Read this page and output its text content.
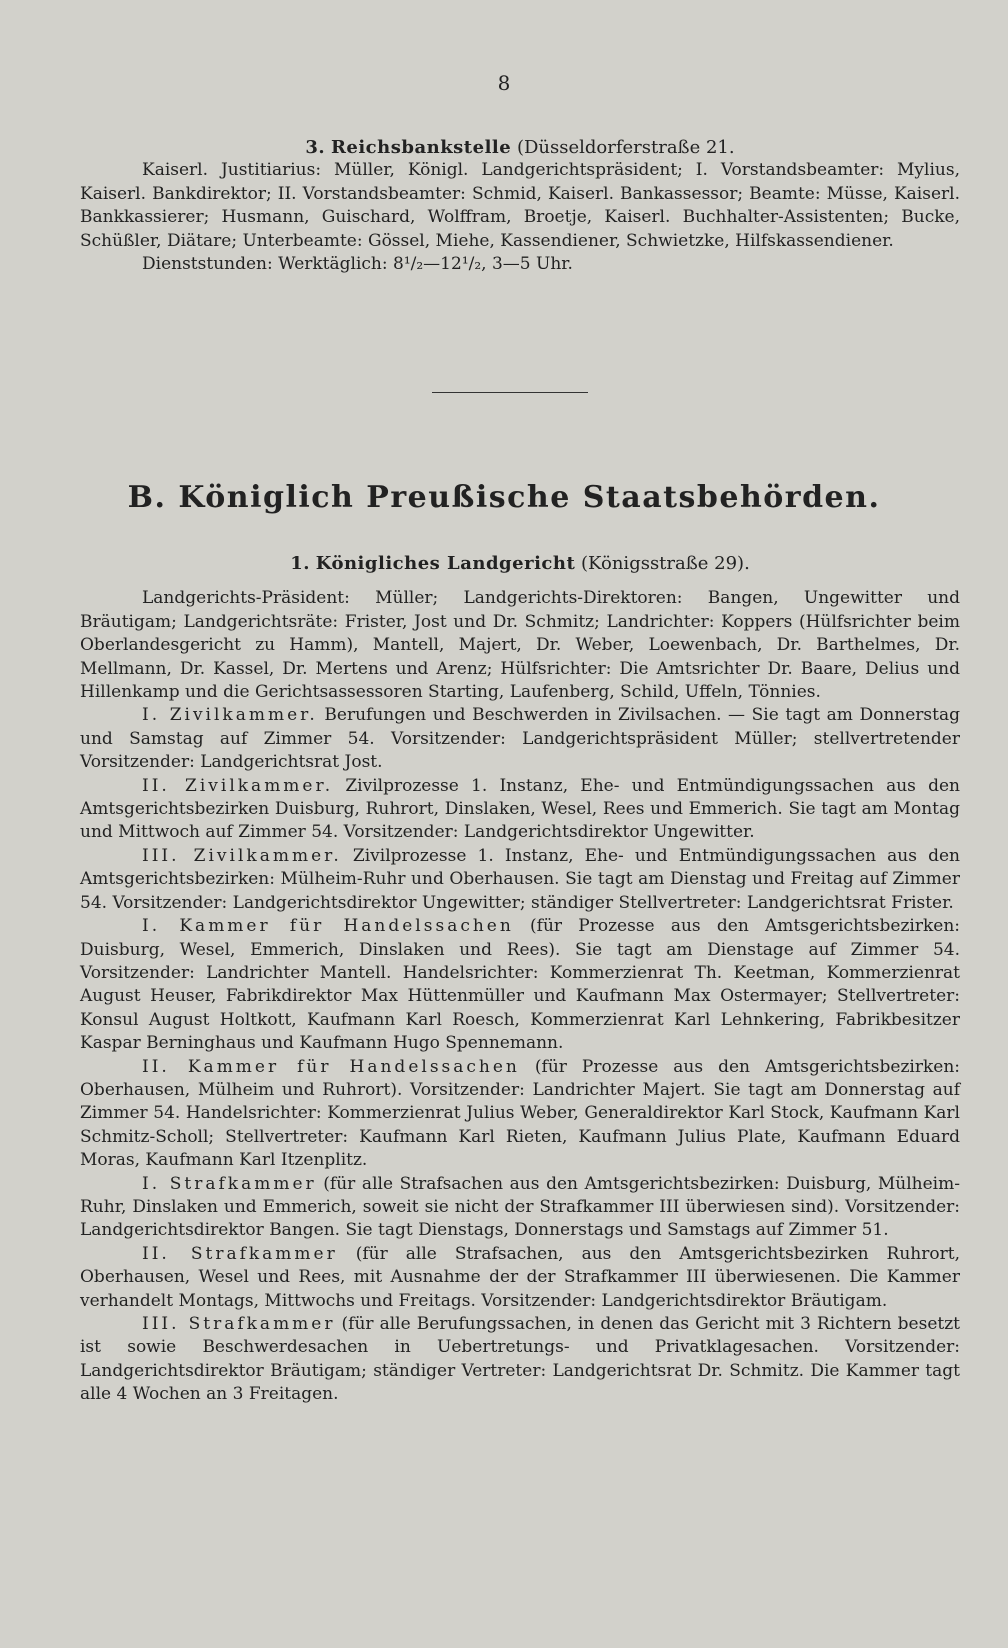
8

3. Reichsbankstelle (Düsseldorferstraße 21.

Kaiserl. Justitiarius: Müller, Königl. Landgerichtspräsident; I. Vorstandsbeamter: Mylius, Kaiserl. Bankdirektor; II. Vorstandsbeamter: Schmid, Kaiserl. Bankassessor; Beamte: Müsse, Kaiserl. Bankkassierer; Husmann, Guischard, Wolffram, Broetje, Kaiserl. Buchhalter-Assistenten; Bucke, Schüßler, Diätare; Unterbeamte: Gössel, Miehe, Kassendiener, Schwietzke, Hilfskassendiener.

Dienststunden: Werktäglich: 8¹/₂—12¹/₂, 3—5 Uhr.

B. Königlich Preußische Staatsbehörden.

1. Königliches Landgericht (Königsstraße 29).

Landgerichts-Präsident: Müller; Landgerichts-Direktoren: Bangen, Ungewitter und Bräutigam; Landgerichtsräte: Frister, Jost und Dr. Schmitz; Landrichter: Koppers (Hülfsrichter beim Oberlandesgericht zu Hamm), Mantell, Majert, Dr. Weber, Loewenbach, Dr. Barthelmes, Dr. Mellmann, Dr. Kassel, Dr. Mertens und Arenz; Hülfsrichter: Die Amtsrichter Dr. Baare, Delius und Hillenkamp und die Gerichtsassessoren Starting, Laufenberg, Schild, Uffeln, Tönnies.

I. Zivilkammer. Berufungen und Beschwerden in Zivilsachen. — Sie tagt am Donnerstag und Samstag auf Zimmer 54. Vorsitzender: Landgerichtspräsident Müller; stellvertretender Vorsitzender: Landgerichtsrat Jost.

II. Zivilkammer. Zivilprozesse 1. Instanz, Ehe- und Entmündigungssachen aus den Amtsgerichtsbezirken Duisburg, Ruhrort, Dinslaken, Wesel, Rees und Emmerich. Sie tagt am Montag und Mittwoch auf Zimmer 54. Vorsitzender: Landgerichtsdirektor Ungewitter.

III. Zivilkammer. Zivilprozesse 1. Instanz, Ehe- und Entmündigungssachen aus den Amtsgerichtsbezirken: Mülheim-Ruhr und Oberhausen. Sie tagt am Dienstag und Freitag auf Zimmer 54. Vorsitzender: Landgerichtsdirektor Ungewitter; ständiger Stellvertreter: Landgerichtsrat Frister.

I. Kammer für Handelssachen (für Prozesse aus den Amtsgerichtsbezirken: Duisburg, Wesel, Emmerich, Dinslaken und Rees). Sie tagt am Dienstage auf Zimmer 54. Vorsitzender: Landrichter Mantell. Handelsrichter: Kommerzienrat Th. Keetman, Kommerzienrat August Heuser, Fabrikdirektor Max Hüttenmüller und Kaufmann Max Ostermayer; Stellvertreter: Konsul August Holtkott, Kaufmann Karl Roesch, Kommerzienrat Karl Lehnkering, Fabrikbesitzer Kaspar Berninghaus und Kaufmann Hugo Spennemann.

II. Kammer für Handelssachen (für Prozesse aus den Amtsgerichtsbezirken: Oberhausen, Mülheim und Ruhrort). Vorsitzender: Landrichter Majert. Sie tagt am Donnerstag auf Zimmer 54. Handelsrichter: Kommerzienrat Julius Weber, Generaldirektor Karl Stock, Kaufmann Karl Schmitz-Scholl; Stellvertreter: Kaufmann Karl Rieten, Kaufmann Julius Plate, Kaufmann Eduard Moras, Kaufmann Karl Itzenplitz.

I. Strafkammer (für alle Strafsachen aus den Amtsgerichtsbezirken: Duisburg, Mülheim-Ruhr, Dinslaken und Emmerich, soweit sie nicht der Strafkammer III überwiesen sind). Vorsitzender: Landgerichtsdirektor Bangen. Sie tagt Dienstags, Donnerstags und Samstags auf Zimmer 51.

II. Strafkammer (für alle Strafsachen, aus den Amtsgerichtsbezirken Ruhrort, Oberhausen, Wesel und Rees, mit Ausnahme der der Strafkammer III überwiesenen. Die Kammer verhandelt Montags, Mittwochs und Freitags. Vorsitzender: Landgerichtsdirektor Bräutigam.

III. Strafkammer (für alle Berufungssachen, in denen das Gericht mit 3 Richtern besetzt ist sowie Beschwerdesachen in Uebertretungs- und Privatklagesachen. Vorsitzender: Landgerichtsdirektor Bräutigam; ständiger Vertreter: Landgerichtsrat Dr. Schmitz. Die Kammer tagt alle 4 Wochen an 3 Freitagen.
